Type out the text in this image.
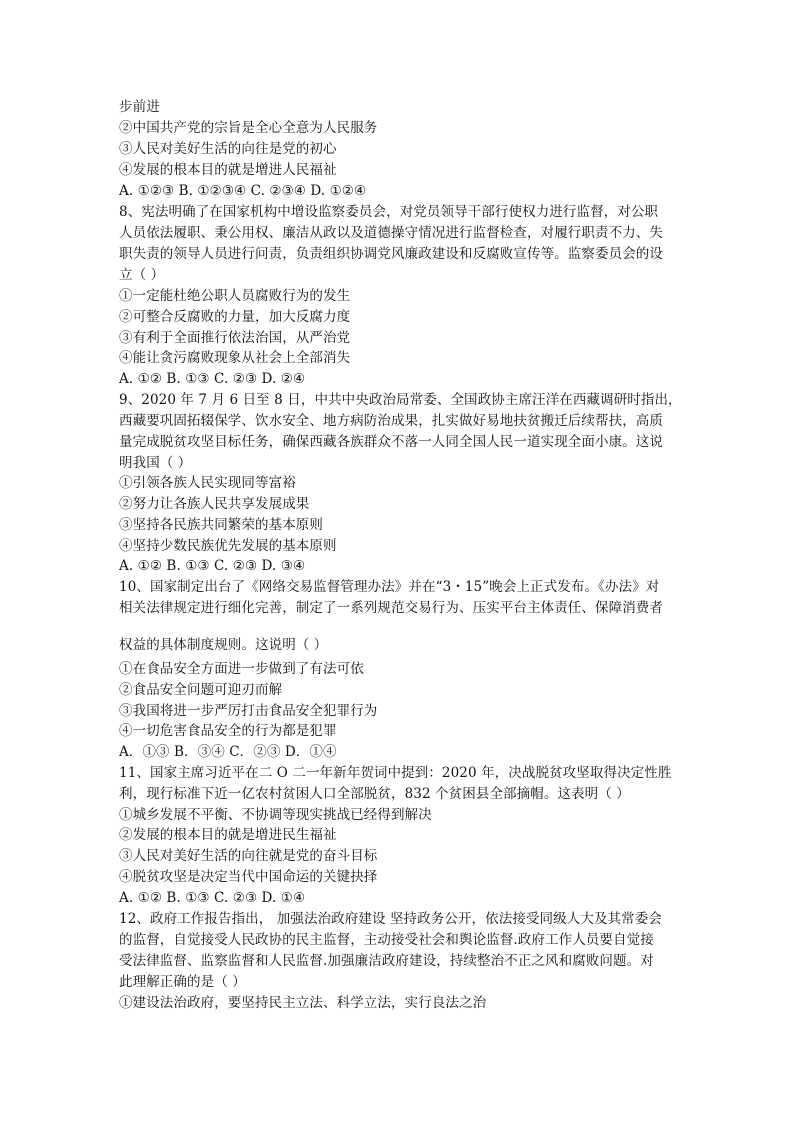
步前进
②中国共产党的宗旨是全心全意为人民服务
③人民对美好生活的向往是党的初心
④发展的根本目的就是增进人民福祉
A. ①②③ B. ①②③④ C. ②③④ D. ①②④
8、宪法明确了在国家机构中增设监察委员会，对党员领导干部行使权力进行监督，对公职
人员依法履职、秉公用权、廉洁从政以及道德操守情况进行监督检查，对履行职责不力、失
职失责的领导人员进行问责，负责组织协调党风廉政建设和反腐败宣传等。监察委员会的设
立（ ）
①一定能杜绝公职人员腐败行为的发生
②可整合反腐败的力量，加大反腐力度
③有利于全面推行依法治国，从严治党
④能让贪污腐败现象从社会上全部消失
A. ①② B. ①③ C. ②③ D. ②④
9、2020 年 7 月 6 日至 8 日，中共中央政治局常委、全国政协主席汪洋在西藏调研时指出，
西藏要巩固拓辍保学、饮水安全、地方病防治成果，扎实做好易地扶贫搬迁后续帮扶，高质
量完成脱贫攻坚目标任务，确保西藏各族群众不落一人同全国人民一道实现全面小康。这说
明我国（ ）
①引领各族人民实现同等富裕
②努力让各族人民共享发展成果
③坚持各民族共同繁荣的基本原则
④坚持少数民族优先发展的基本原则
A. ①② B. ①③ C. ②③ D. ③④
10、国家制定出台了《网络交易监督管理办法》并在“3・15”晚会上正式发布。《办法》对
相关法律规定进行细化完善，制定了一系列规范交易行为、压实平台主体责任、保障消费者
权益的具体制度规则。这说明（ ）
①在食品安全方面进一步做到了有法可依
②食品安全问题可迎刃而解
③我国将进一步严厉打击食品安全犯罪行为
④一切危害食品安全的行为都是犯罪
A．①③ B．③④ C．②③ D．①④
11、国家主席习近平在二 O 二一年新年贺词中提到：2020 年，决战脱贫攻坚取得决定性胜
利，现行标准下近一亿农村贫困人口全部脱贫，832 个贫困县全部摘帽。这表明（ ）
①城乡发展不平衡、不协调等现实挑战已经得到解决
②发展的根本目的就是增进民生福祉
③人民对美好生活的向往就是党的奋斗目标
④脱贫攻坚是决定当代中国命运的关键抉择
A. ①② B. ①③ C. ②③ D. ①④
12、政府工作报告指出， 加强法治政府建设 坚持政务公开，依法接受同级人大及其常委会
的监督，自觉接受人民政协的民主监督，主动接受社会和舆论监督.政府工作人员要自觉接
受法律监督、监察监督和人民监督.加强廉洁政府建设，持续整治不正之风和腐败问题。对
此理解正确的是（ ）
①建设法治政府，要坚持民主立法、科学立法，实行良法之治
